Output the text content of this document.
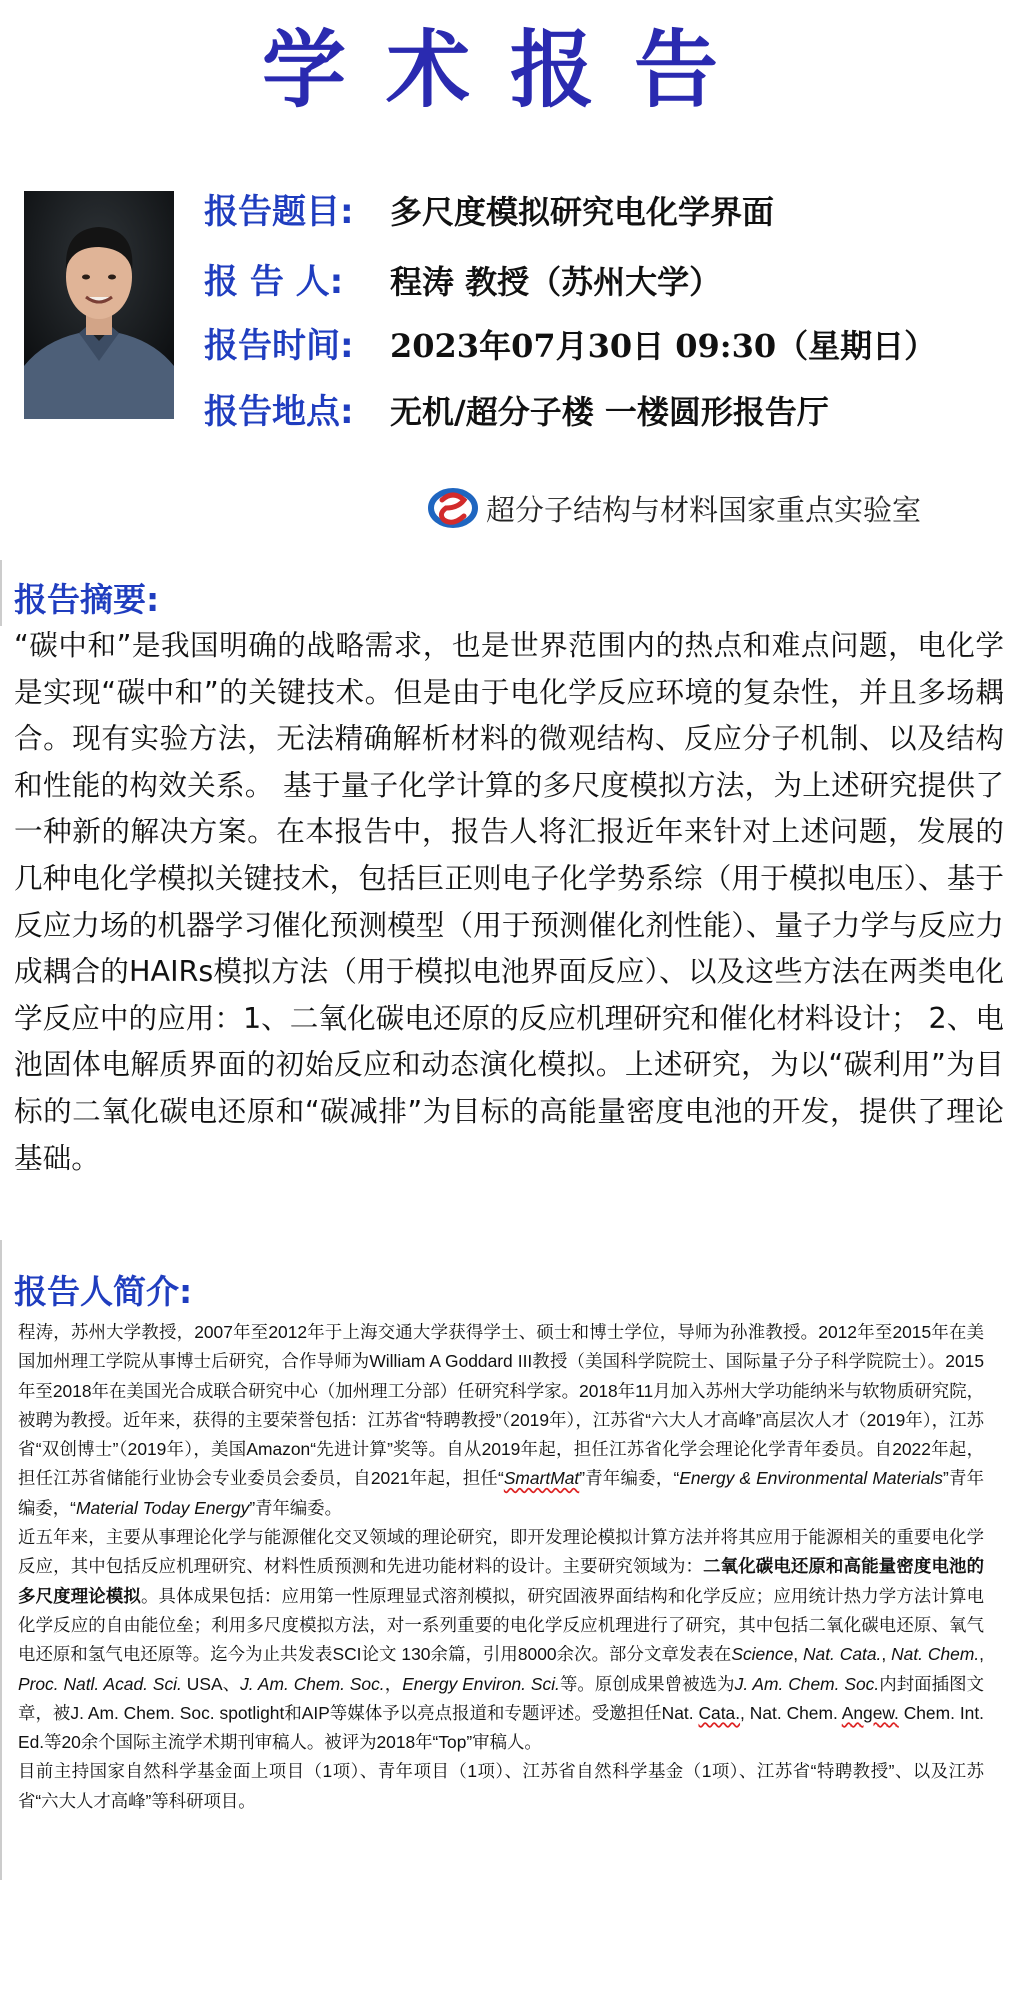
学术报告
报告题目:	多尺度模拟研究电化学界面
报 告 人:	程涛 教授（苏州大学）
报告时间:	2023年07月30日 09:30（星期日）
报告地点:	无机/超分子楼 一楼圆形报告厅
超分子结构与材料国家重点实验室
报告摘要:
“碳中和”是我国明确的战略需求，也是世界范围内的热点和难点问题，电化学是实现“碳中和”的关键技术。但是由于电化学反应环境的复杂性，并且多场耦合。现有实验方法，无法精确解析材料的微观结构、反应分子机制、以及结构和性能的构效关系。 基于量子化学计算的多尺度模拟方法，为上述研究提供了一种新的解决方案。在本报告中，报告人将汇报近年来针对上述问题，发展的几种电化学模拟关键技术，包括巨正则电子化学势系综（用于模拟电压）、基于反应力场的机器学习催化预测模型（用于预测催化剂性能）、量子力学与反应力成耦合的HAIRs模拟方法（用于模拟电池界面反应）、以及这些方法在两类电化学反应中的应用：1、二氧化碳电还原的反应机理研究和催化材料设计； 2、电池固体电解质界面的初始反应和动态演化模拟。上述研究，为以“碳利用”为目标的二氧化碳电还原和“碳减排”为目标的高能量密度电池的开发，提供了理论基础。
报告人简介:

程涛，苏州大学教授，2007年至2012年于上海交通大学获得学士、硕士和博士学位，导师为孙淮教授。2012年至2015年在美国加州理工学院从事博士后研究，合作导师为William A Goddard III教授（美国科学院院士、国际量子分子科学院院士）。2015年至2018年在美国光合成联合研究中心（加州理工分部）任研究科学家。2018年11月加入苏州大学功能纳米与软物质研究院，被聘为教授。近年来，获得的主要荣誉包括：江苏省“特聘教授”（2019年），江苏省“六大人才高峰”高层次人才（2019年），江苏省“双创博士”（2019年），美国Amazon“先进计算”奖等。自从2019年起，担任江苏省化学会理论化学青年委员。自2022年起，担任江苏省储能行业协会专业委员会委员，自2021年起，担任“SmartMat”青年编委，“Energy & Environmental Materials”青年编委，“Material Today Energy”青年编委。

近五年来，主要从事理论化学与能源催化交叉领域的理论研究，即开发理论模拟计算方法并将其应用于能源相关的重要电化学反应，其中包括反应机理研究、材料性质预测和先进功能材料的设计。主要研究领域为：二氧化碳电还原和高能量密度电池的多尺度理论模拟。具体成果包括：应用第一性原理显式溶剂模拟，研究固液界面结构和化学反应；应用统计热力学方法计算电化学反应的自由能位垒；利用多尺度模拟方法，对一系列重要的电化学反应机理进行了研究，其中包括二氧化碳电还原、氧气电还原和氢气电还原等。迄今为止共发表SCI论文 130余篇，引用8000余次。部分文章发表在Science, Nat. Cata., Nat. Chem., Proc. Natl. Acad. Sci. USA、J. Am. Chem. Soc.，Energy Environ. Sci.等。原创成果曾被选为J. Am. Chem. Soc.内封面插图文章，被J. Am. Chem. Soc. spotlight和AIP等媒体予以亮点报道和专题评述。受邀担任Nat. Cata., Nat. Chem. Angew. Chem. Int. Ed.等20余个国际主流学术期刊审稿人。被评为2018年“Top”审稿人。

目前主持国家自然科学基金面上项目（1项）、青年项目（1项）、江苏省自然科学基金（1项）、江苏省“特聘教授”、以及江苏省“六大人才高峰”等科研项目。
